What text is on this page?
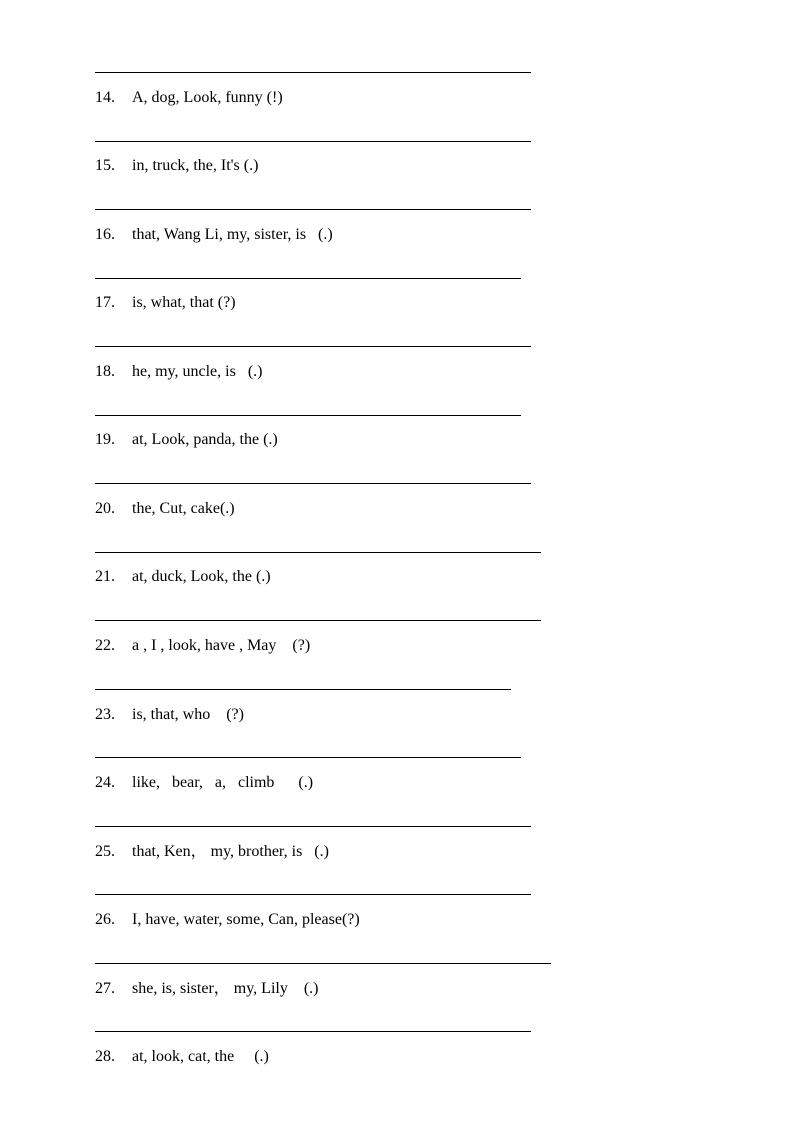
14. A, dog, Look, funny (!)
15. in, truck, the, It's (.)
16. that, Wang Li, my, sister, is   (.)
17. is, what, that (?)
18. he, my, uncle, is   (.)
19. at, Look, panda, the (.)
20. the, Cut, cake(.)
21. at, duck, Look, the (.)
22. a , I , look, have , May    (?)
23. is, that, who    (?)
24. like,   bear,   a,   climb      (.)
25. that, Ken， my, brother, is   (.)
26. I, have, water, some, Can, please(?)
27. she, is, sister， my, Lily    (.)
28. at, look, cat, the     (.)
